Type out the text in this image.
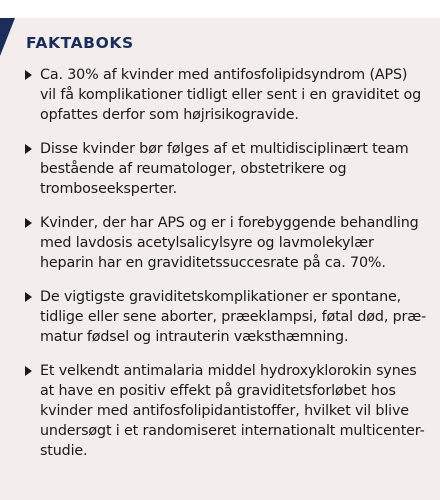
FAKTABOKS
Ca. 30% af kvinder med antifosfolipidsyndrom (APS)
vil få komplikationer tidligt eller sent i en graviditet og
opfattes derfor som højrisikogravide.
Disse kvinder bør følges af et multidisciplinært team
bestående af reumatologer, obstetrikere og
tromboseeksperter.
Kvinder, der har APS og er i forebyggende behandling
med lavdosis acetylsalicylsyre og lavmolekylær
heparin har en graviditetssuccesrate på ca. 70%.
De vigtigste graviditetskomplikationer er spontane,
tidlige eller sene aborter, præeklampsi, føtal død, præ-
matur fødsel og intrauterin væksthæmning.
Et velkendt antimalaria middel hydroxyklorokin synes
at have en positiv effekt på graviditetsforløbet hos
kvinder med antifosfolipidantistoffer, hvilket vil blive
undersøgt i et randomiseret internationalt multicenter-
studie.
